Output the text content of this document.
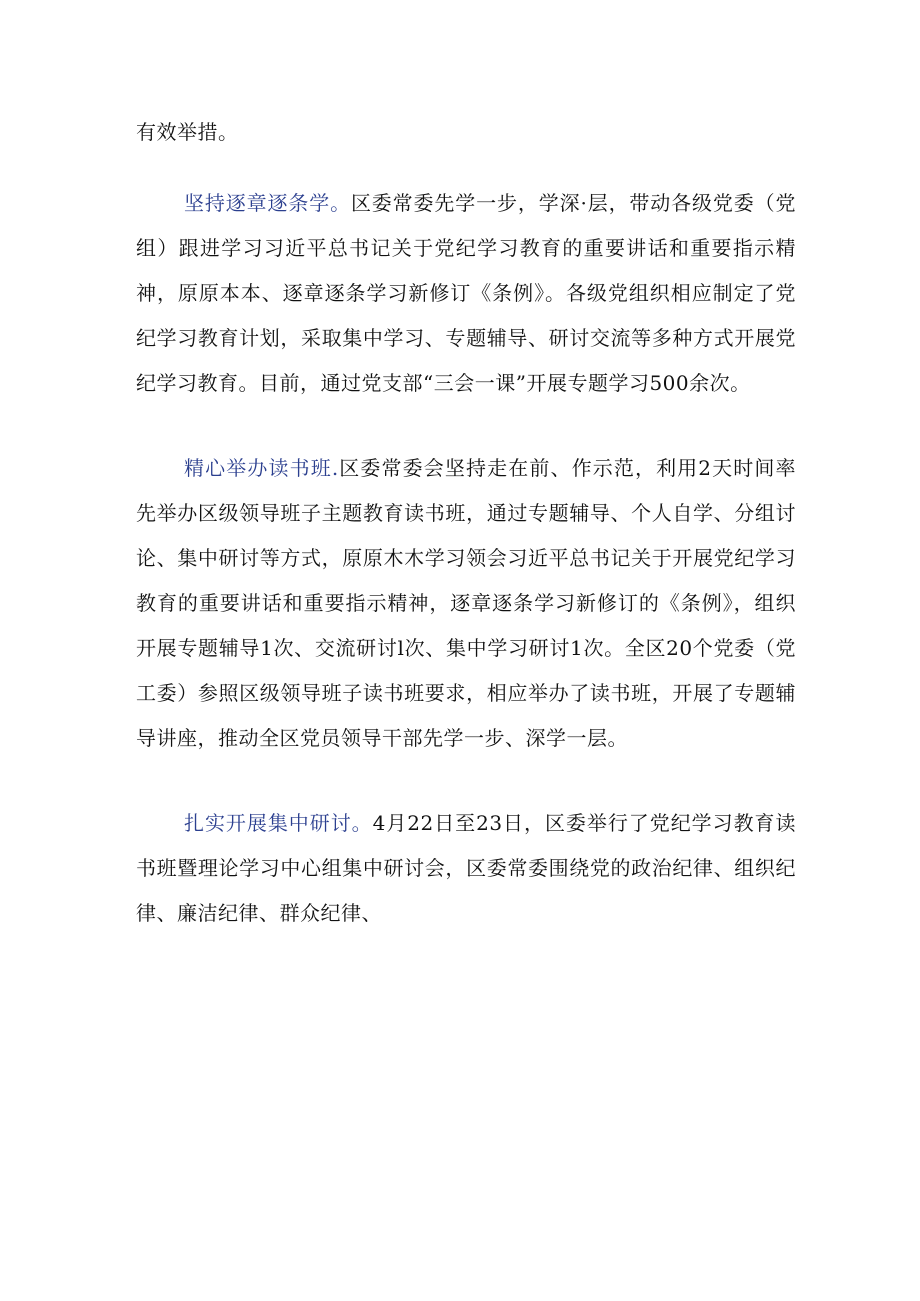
有效举措。

坚持逐章逐条学。区委常委先学一步，学深·层，带动各级党委（党组）跟进学习习近平总书记关于党纪学习教育的重要讲话和重要指示精神，原原本本、逐章逐条学习新修订《条例》。各级党组织相应制定了党纪学习教育计划，采取集中学习、专题辅导、研讨交流等多种方式开展党纪学习教育。目前，通过党支部“三会一课”开展专题学习500余次。

精心举办读书班.区委常委会坚持走在前、作示范，利用2天时间率先举办区级领导班子主题教育读书班，通过专题辅导、个人自学、分组讨论、集中研讨等方式，原原木木学习领会习近平总书记关于开展党纪学习教育的重要讲话和重要指示精神，逐章逐条学习新修订的《条例》，组织开展专题辅导1次、交流研讨l次、集中学习研讨1次。全区20个党委（党工委）参照区级领导班子读书班要求，相应举办了读书班，开展了专题辅导讲座，推动全区党员领导干部先学一步、深学一层。

扎实开展集中研讨。4月22日至23日，区委举行了党纪学习教育读书班暨理论学习中心组集中研讨会，区委常委围绕党的政治纪律、组织纪律、廉洁纪律、群众纪律、
